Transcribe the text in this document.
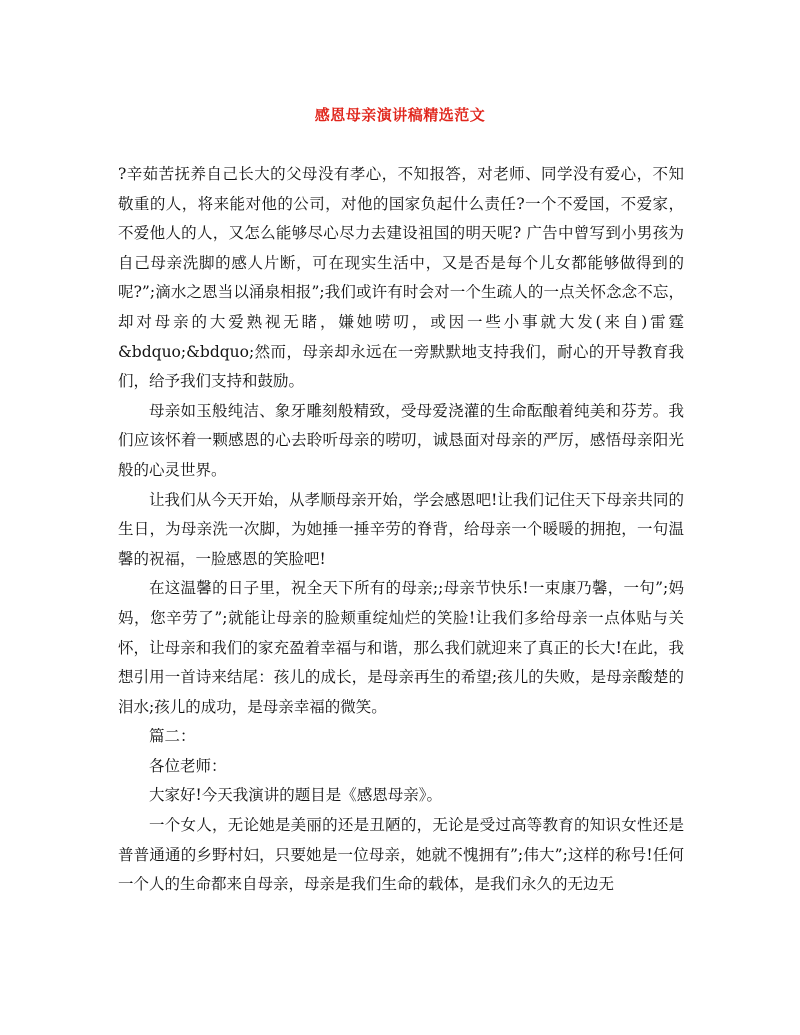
感恩母亲演讲稿精选范文

?辛茹苦抚养自己长大的父母没有孝心，不知报答，对老师、同学没有爱心，不知敬重的人，将来能对他的公司，对他的国家负起什么责任?一个不爱国，不爱家，不爱他人的人，又怎么能够尽心尽力去建设祖国的明天呢? 广告中曾写到小男孩为自己母亲洗脚的感人片断，可在现实生活中，又是否是每个儿女都能够做得到的呢?”;滴水之恩当以涌泉相报”;我们或许有时会对一个生疏人的一点关怀念念不忘，却对母亲的大爱熟视无睹，嫌她唠叨，或因一些小事就大发(来自)雷霆&bdquo;&bdquo;然而，母亲却永远在一旁默默地支持我们，耐心的开导教育我们，给予我们支持和鼓励。

母亲如玉般纯洁、象牙雕刻般精致，受母爱浇灌的生命酝酿着纯美和芬芳。我们应该怀着一颗感恩的心去聆听母亲的唠叨，诚恳面对母亲的严厉，感悟母亲阳光般的心灵世界。

让我们从今天开始，从孝顺母亲开始，学会感恩吧!让我们记住天下母亲共同的生日，为母亲洗一次脚，为她捶一捶辛劳的脊背，给母亲一个暖暖的拥抱，一句温馨的祝福，一脸感恩的笑脸吧!

在这温馨的日子里，祝全天下所有的母亲;;母亲节快乐!一束康乃馨，一句”;妈妈，您辛劳了”;就能让母亲的脸颊重绽灿烂的笑脸!让我们多给母亲一点体贴与关怀，让母亲和我们的家充盈着幸福与和谐，那么我们就迎来了真正的长大!在此，我想引用一首诗来结尾：孩儿的成长，是母亲再生的希望;孩儿的失败，是母亲酸楚的泪水;孩儿的成功，是母亲幸福的微笑。

篇二：

各位老师：

大家好!今天我演讲的题目是《感恩母亲》。

一个女人，无论她是美丽的还是丑陋的，无论是受过高等教育的知识女性还是普普通通的乡野村妇，只要她是一位母亲，她就不愧拥有”;伟大”;这样的称号!任何一个人的生命都来自母亲，母亲是我们生命的载体，是我们永久的无边无
